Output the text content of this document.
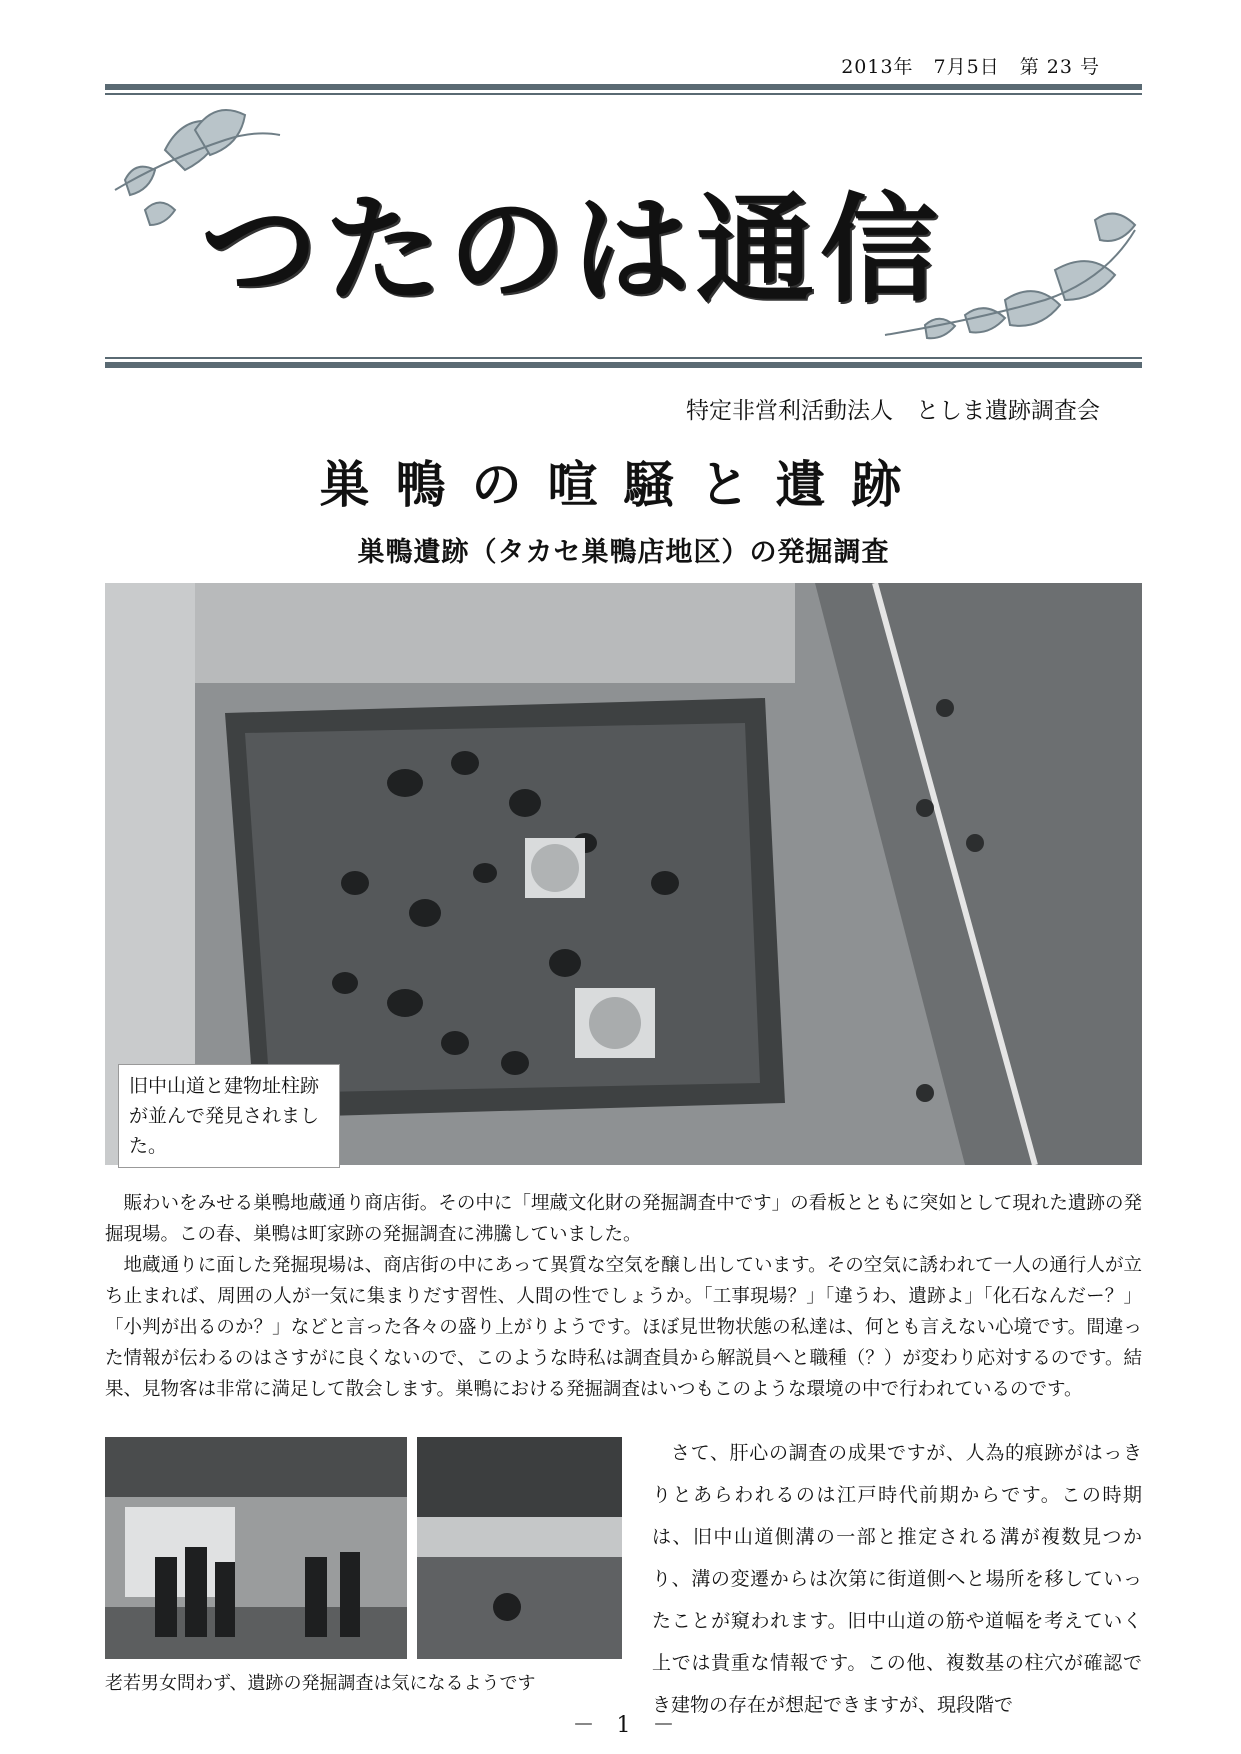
2013年　7月5日　第 23 号
つたのは通信
特定非営利活動法人　としま遺跡調査会
巣鴨の喧騒と遺跡
巣鴨遺跡（タカセ巣鴨店地区）の発掘調査
旧中山道と建物址柱跡が並んで発見されました。
賑わいをみせる巣鴨地蔵通り商店街。その中に「埋蔵文化財の発掘調査中です」の看板とともに突如として現れた遺跡の発掘現場。この春、巣鴨は町家跡の発掘調査に沸騰していました。
地蔵通りに面した発掘現場は、商店街の中にあって異質な空気を醸し出しています。その空気に誘われて一人の通行人が立ち止まれば、周囲の人が一気に集まりだす習性、人間の性でしょうか。「工事現場？」「違うわ、遺跡よ」「化石なんだー？」「小判が出るのか？」などと言った各々の盛り上がりようです。ほぼ見世物状態の私達は、何とも言えない心境です。間違った情報が伝わるのはさすがに良くないので、このような時私は調査員から解説員へと職種（？）が変わり応対するのです。結果、見物客は非常に満足して散会します。巣鴨における発掘調査はいつもこのような環境の中で行われているのです。
老若男女問わず、遺跡の発掘調査は気になるようです
さて、肝心の調査の成果ですが、人為的痕跡がはっきりとあらわれるのは江戸時代前期からです。この時期は、旧中山道側溝の一部と推定される溝が複数見つかり、溝の変遷からは次第に街道側へと場所を移していったことが窺われます。旧中山道の筋や道幅を考えていく上では貴重な情報です。この他、複数基の柱穴が確認でき建物の存在が想起できますが、現段階で
－　1　－
